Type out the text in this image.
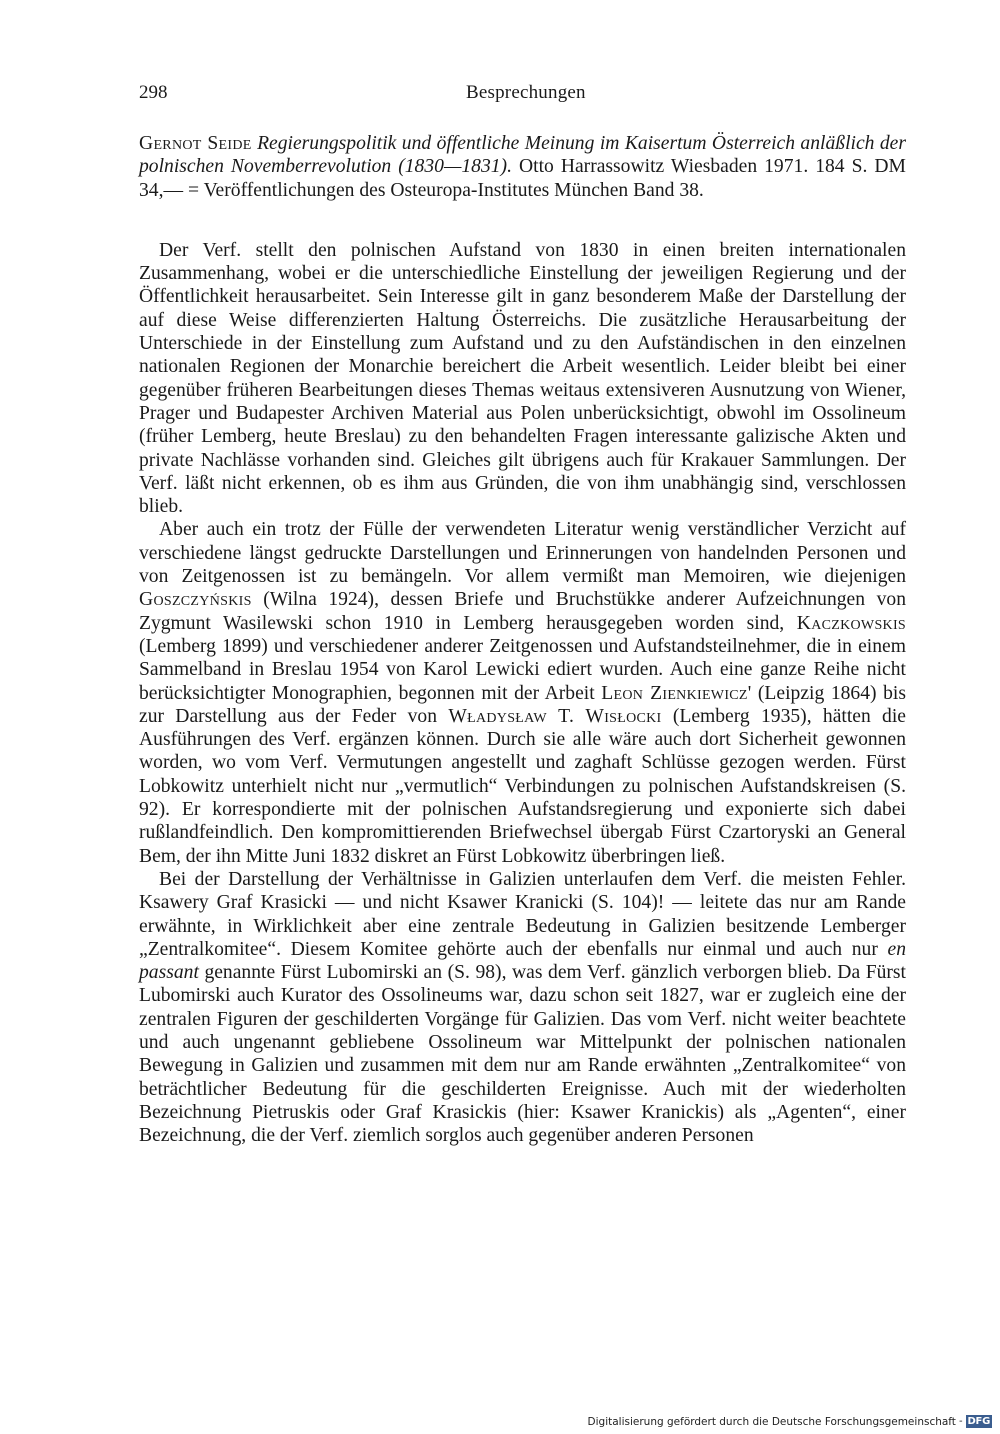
298	Besprechungen
Gernot Seide Regierungspolitik und öffentliche Meinung im Kaisertum Österreich anläßlich der polnischen Novemberrevolution (1830—1831). Otto Harrassowitz Wiesbaden 1971. 184 S. DM 34,— = Veröffentlichungen des Osteuropa-Institutes München Band 38.

Der Verf. stellt den polnischen Aufstand von 1830 in einen breiten internationalen Zusammenhang, wobei er die unterschiedliche Einstellung der jeweiligen Regierung und der Öffentlichkeit herausarbeitet. Sein Interesse gilt in ganz besonderem Maße der Darstellung der auf diese Weise differenzierten Haltung Österreichs. Die zusätzliche Herausarbeitung der Unterschiede in der Einstellung zum Aufstand und zu den Aufständischen in den einzelnen nationalen Regionen der Monarchie bereichert die Arbeit wesentlich. Leider bleibt bei einer gegenüber früheren Bearbeitungen dieses Themas weitaus extensiveren Ausnutzung von Wiener, Prager und Budapester Archiven Material aus Polen unberücksichtigt, obwohl im Ossolineum (früher Lemberg, heute Breslau) zu den behandelten Fragen interessante galizische Akten und private Nachlässe vorhanden sind. Gleiches gilt übrigens auch für Krakauer Sammlungen. Der Verf. läßt nicht erkennen, ob es ihm aus Gründen, die von ihm unabhängig sind, verschlossen blieb.

Aber auch ein trotz der Fülle der verwendeten Literatur wenig verständlicher Verzicht auf verschiedene längst gedruckte Darstellungen und Erinnerungen von handelnden Personen und von Zeitgenossen ist zu bemängeln. Vor allem vermißt man Memoiren, wie diejenigen Goszczyńskis (Wilna 1924), dessen Briefe und Bruchstükke anderer Aufzeichnungen von Zygmunt Wasilewski schon 1910 in Lemberg herausgegeben worden sind, Kaczkowskis (Lemberg 1899) und verschiedener anderer Zeitgenossen und Aufstandsteilnehmer, die in einem Sammelband in Breslau 1954 von Karol Lewicki ediert wurden. Auch eine ganze Reihe nicht berücksichtigter Monographien, begonnen mit der Arbeit Leon Zienkiewicz' (Leipzig 1864) bis zur Darstellung aus der Feder von Władysław T. Wisłocki (Lemberg 1935), hätten die Ausführungen des Verf. ergänzen können. Durch sie alle wäre auch dort Sicherheit gewonnen worden, wo vom Verf. Vermutungen angestellt und zaghaft Schlüsse gezogen werden. Fürst Lobkowitz unterhielt nicht nur „vermutlich“ Verbindungen zu polnischen Aufstandskreisen (S. 92). Er korrespondierte mit der polnischen Aufstandsregierung und exponierte sich dabei rußlandfeindlich. Den kompromittierenden Briefwechsel übergab Fürst Czartoryski an General Bem, der ihn Mitte Juni 1832 diskret an Fürst Lobkowitz überbringen ließ.

Bei der Darstellung der Verhältnisse in Galizien unterlaufen dem Verf. die meisten Fehler. Ksawery Graf Krasicki — und nicht Ksawer Kranicki (S. 104)! — leitete das nur am Rande erwähnte, in Wirklichkeit aber eine zentrale Bedeutung in Galizien besitzende Lemberger „Zentralkomitee“. Diesem Komitee gehörte auch der ebenfalls nur einmal und auch nur en passant genannte Fürst Lubomirski an (S. 98), was dem Verf. gänzlich verborgen blieb. Da Fürst Lubomirski auch Kurator des Ossolineums war, dazu schon seit 1827, war er zugleich eine der zentralen Figuren der geschilderten Vorgänge für Galizien. Das vom Verf. nicht weiter beachtete und auch ungenannt gebliebene Ossolineum war Mittelpunkt der polnischen nationalen Bewegung in Galizien und zusammen mit dem nur am Rande erwähnten „Zentralkomitee“ von beträchtlicher Bedeutung für die geschilderten Ereignisse. Auch mit der wiederholten Bezeichnung Pietruskis oder Graf Krasickis (hier: Ksawer Kranickis) als „Agenten“, einer Bezeichnung, die der Verf. ziemlich sorglos auch gegenüber anderen Personen

Digitalisierung gefördert durch die Deutsche Forschungsgemeinschaft - DFG
